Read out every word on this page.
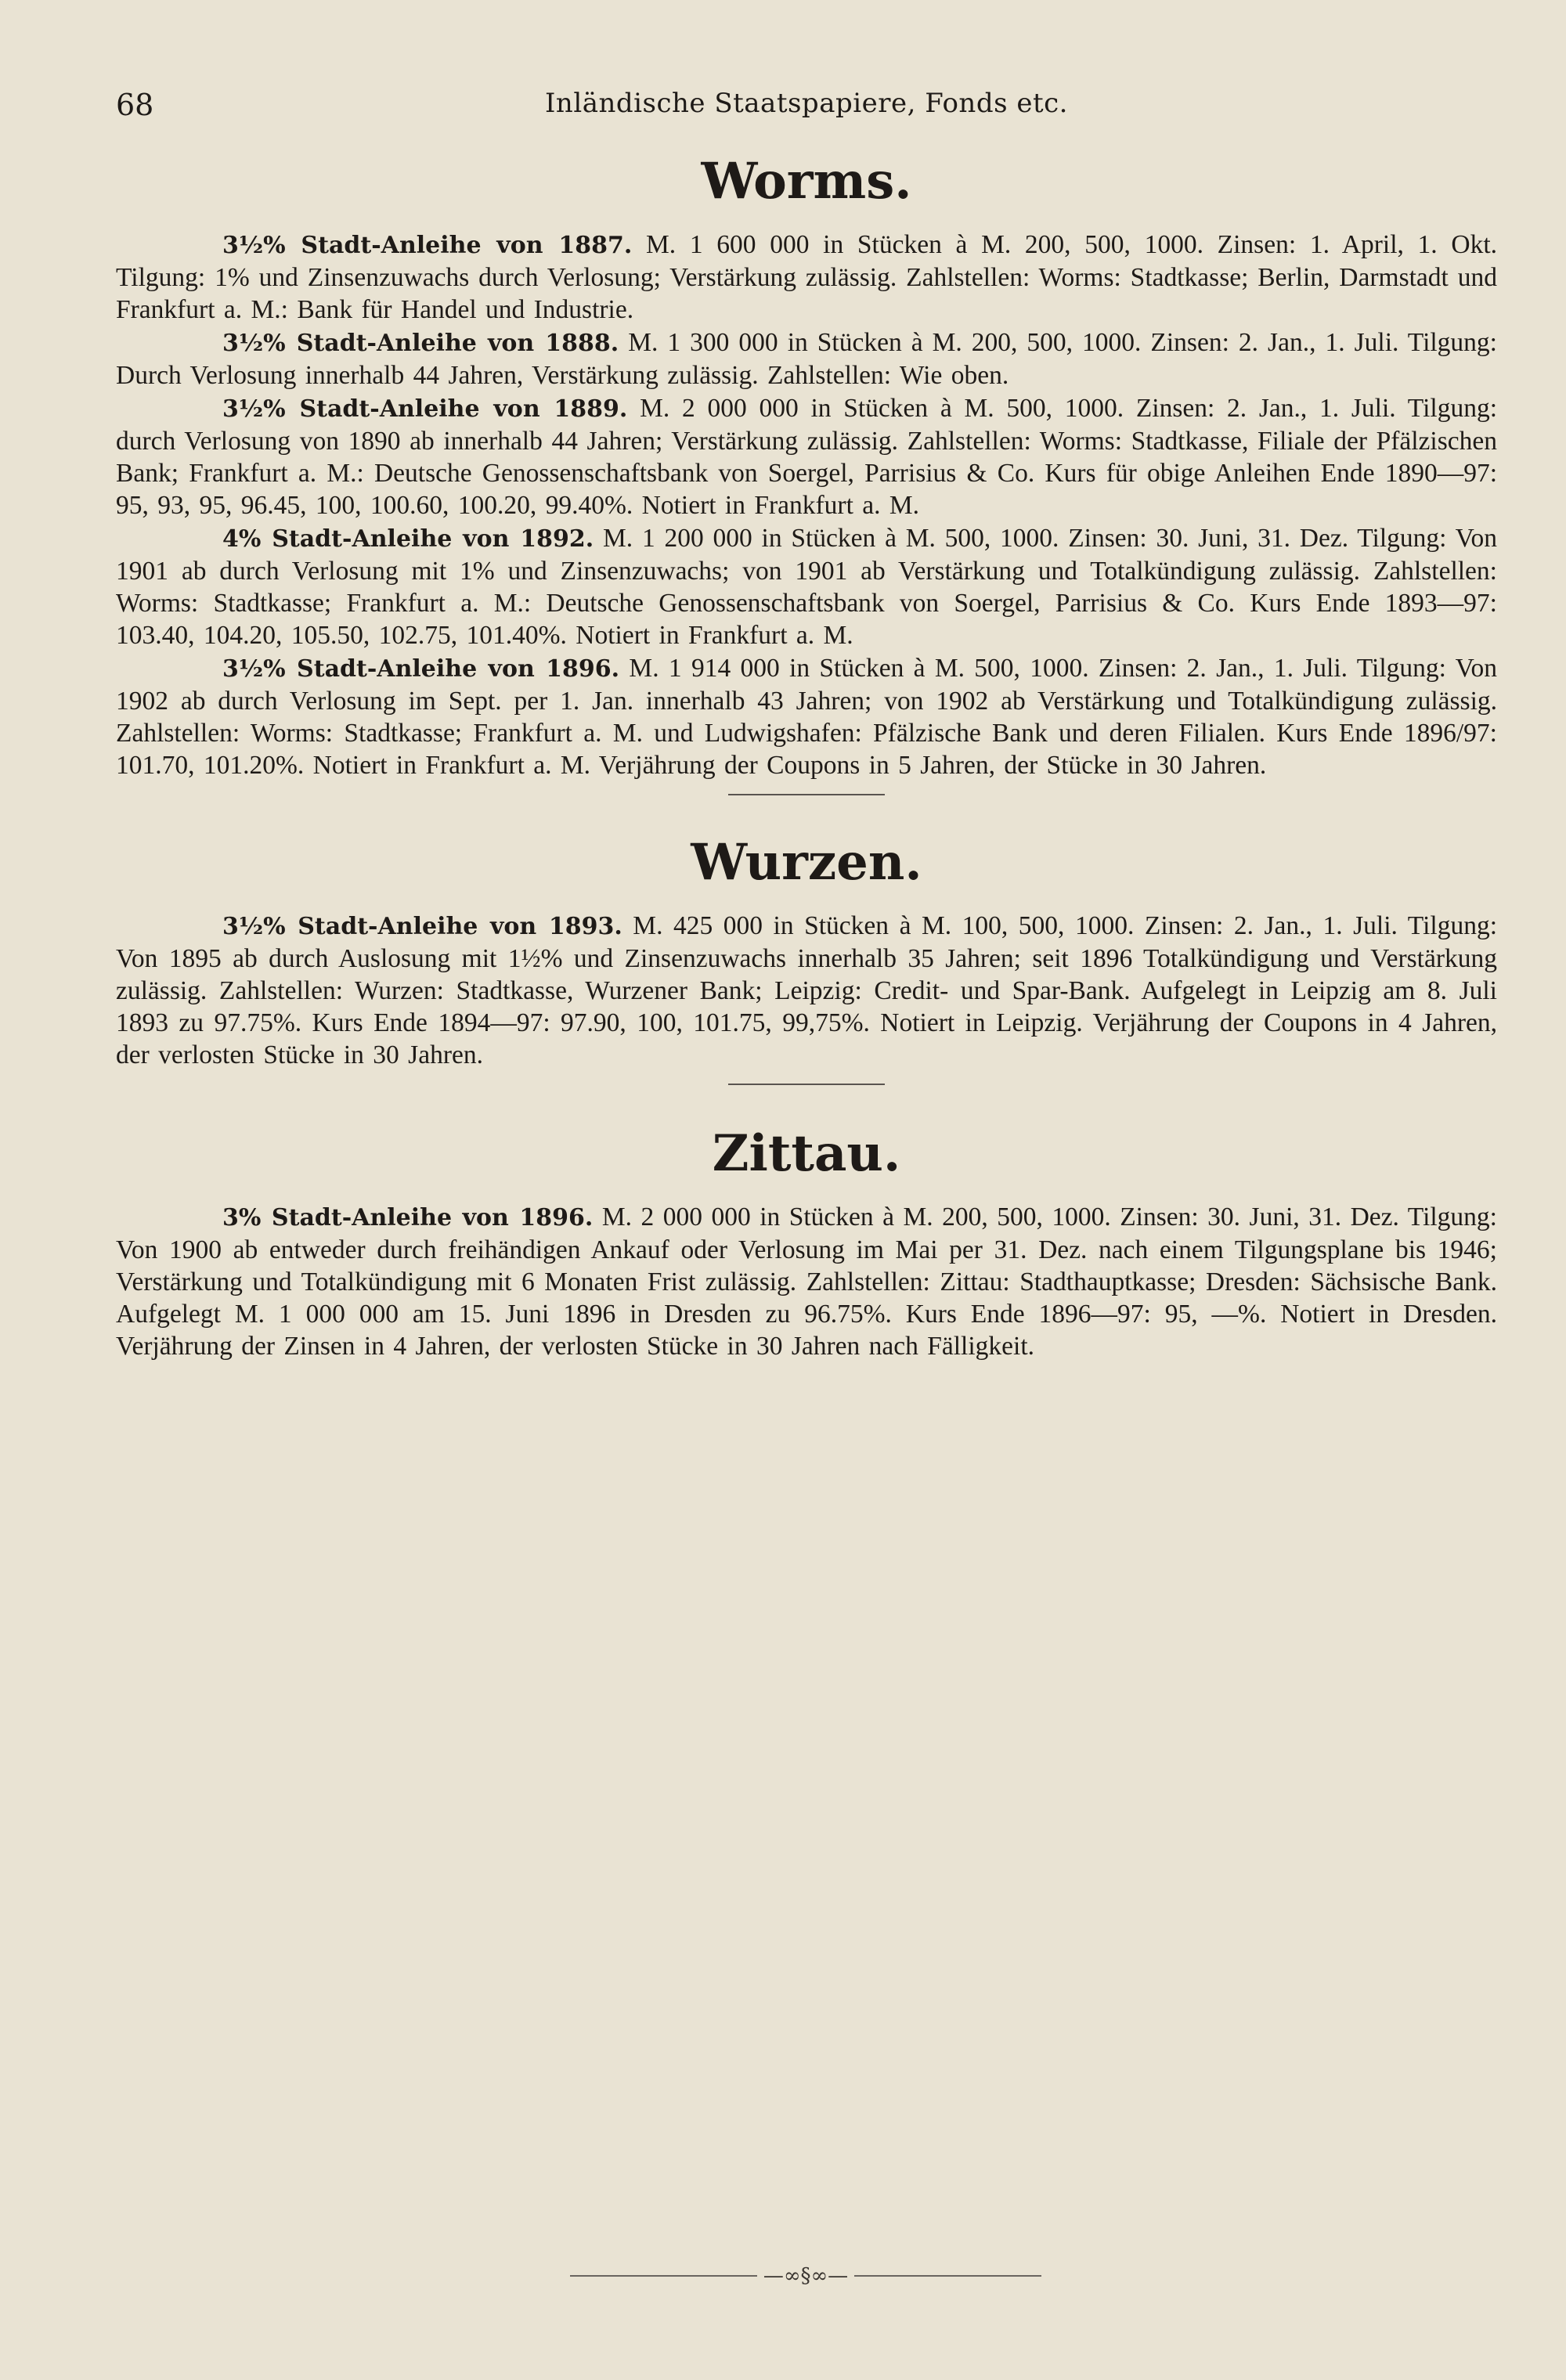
68	Inländische Staatspapiere, Fonds etc.
Worms.

3½% Stadt-Anleihe von 1887. M. 1 600 000 in Stücken à M. 200, 500, 1000. Zinsen: 1. April, 1. Okt. Tilgung: 1% und Zinsenzuwachs durch Verlosung; Verstärkung zulässig. Zahlstellen: Worms: Stadtkasse; Berlin, Darmstadt und Frankfurt a. M.: Bank für Handel und Industrie.

3½% Stadt-Anleihe von 1888. M. 1 300 000 in Stücken à M. 200, 500, 1000. Zinsen: 2. Jan., 1. Juli. Tilgung: Durch Verlosung innerhalb 44 Jahren, Verstärkung zulässig. Zahlstellen: Wie oben.

3½% Stadt-Anleihe von 1889. M. 2 000 000 in Stücken à M. 500, 1000. Zinsen: 2. Jan., 1. Juli. Tilgung: durch Verlosung von 1890 ab innerhalb 44 Jahren; Verstärkung zulässig. Zahlstellen: Worms: Stadtkasse, Filiale der Pfälzischen Bank; Frankfurt a. M.: Deutsche Genossenschaftsbank von Soergel, Parrisius & Co. Kurs für obige Anleihen Ende 1890—97: 95, 93, 95, 96.45, 100, 100.60, 100.20, 99.40%. Notiert in Frankfurt a. M.

4% Stadt-Anleihe von 1892. M. 1 200 000 in Stücken à M. 500, 1000. Zinsen: 30. Juni, 31. Dez. Tilgung: Von 1901 ab durch Verlosung mit 1% und Zinsenzuwachs; von 1901 ab Verstärkung und Totalkündigung zulässig. Zahlstellen: Worms: Stadtkasse; Frankfurt a. M.: Deutsche Genossenschaftsbank von Soergel, Parrisius & Co. Kurs Ende 1893—97: 103.40, 104.20, 105.50, 102.75, 101.40%. Notiert in Frankfurt a. M.

3½% Stadt-Anleihe von 1896. M. 1 914 000 in Stücken à M. 500, 1000. Zinsen: 2. Jan., 1. Juli. Tilgung: Von 1902 ab durch Verlosung im Sept. per 1. Jan. innerhalb 43 Jahren; von 1902 ab Verstärkung und Totalkündigung zulässig. Zahlstellen: Worms: Stadtkasse; Frankfurt a. M. und Ludwigshafen: Pfälzische Bank und deren Filialen. Kurs Ende 1896/97: 101.70, 101.20%. Notiert in Frankfurt a. M. Verjährung der Coupons in 5 Jahren, der Stücke in 30 Jahren.

Wurzen.

3½% Stadt-Anleihe von 1893. M. 425 000 in Stücken à M. 100, 500, 1000. Zinsen: 2. Jan., 1. Juli. Tilgung: Von 1895 ab durch Auslosung mit 1½% und Zinsenzuwachs innerhalb 35 Jahren; seit 1896 Totalkündigung und Verstärkung zulässig. Zahlstellen: Wurzen: Stadtkasse, Wurzener Bank; Leipzig: Credit- und Spar-Bank. Aufgelegt in Leipzig am 8. Juli 1893 zu 97.75%. Kurs Ende 1894—97: 97.90, 100, 101.75, 99,75%. Notiert in Leipzig. Verjährung der Coupons in 4 Jahren, der verlosten Stücke in 30 Jahren.

Zittau.

3% Stadt-Anleihe von 1896. M. 2 000 000 in Stücken à M. 200, 500, 1000. Zinsen: 30. Juni, 31. Dez. Tilgung: Von 1900 ab entweder durch freihändigen Ankauf oder Verlosung im Mai per 31. Dez. nach einem Tilgungsplane bis 1946; Verstärkung und Totalkündigung mit 6 Monaten Frist zulässig. Zahlstellen: Zittau: Stadthauptkasse; Dresden: Sächsische Bank. Aufgelegt M. 1 000 000 am 15. Juni 1896 in Dresden zu 96.75%. Kurs Ende 1896—97: 95, —%. Notiert in Dresden. Verjährung der Zinsen in 4 Jahren, der verlosten Stücke in 30 Jahren nach Fälligkeit.

—∞§∞—
